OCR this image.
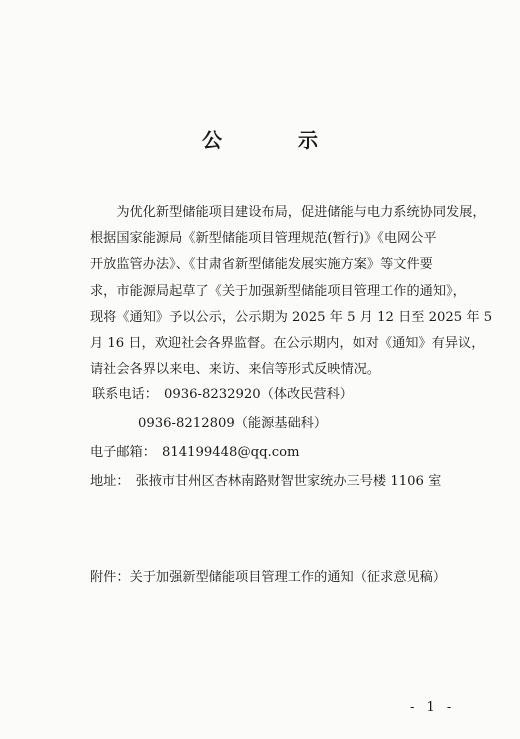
公　示
　　为优化新型储能项目建设布局，促进储能与电力系统协同发展，
根据国家能源局《新型储能项目管理规范(暂行)》《电网公平
开放监管办法》、《甘肃省新型储能发展实施方案》等文件要
求，市能源局起草了《关于加强新型储能项目管理工作的通知》，
现将《通知》予以公示，公示期为 2025 年 5 月 12 日至 2025 年 5
月 16 日，欢迎社会各界监督。在公示期内，如对《通知》有异议，
请社会各界以来电、来访、来信等形式反映情况。
联系电话： 0936-8232920（体改民营科）
0936-8212809（能源基础科）
电子邮箱： 814199448@qq.com
地址： 张掖市甘州区杏林南路财智世家统办三号楼 1106 室
附件：关于加强新型储能项目管理工作的通知（征求意见稿）
- 1 -
